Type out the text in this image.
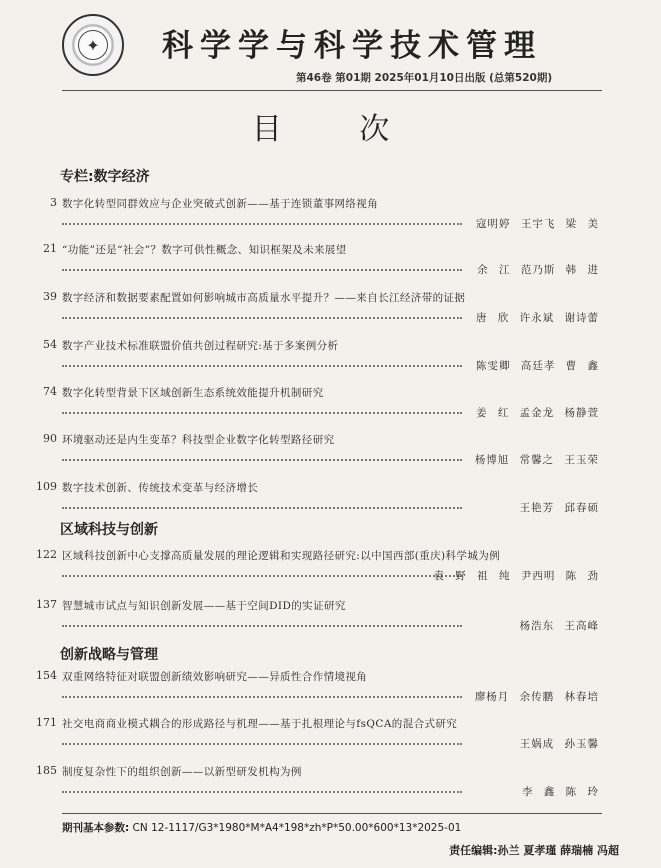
✦ 科学学与科学技术管理
第46卷 第01期 2025年01月10日出版 (总第520期)
目 次
专栏:数字经济
3 数字化转型同群效应与企业突破式创新——基于连锁董事网络视角
寇明婷 王宇飞 梁 美
21 “功能”还是“社会”？数字可供性概念、知识框架及未来展望
余 江 范乃斯 韩 进
39 数字经济和数据要素配置如何影响城市高质量水平提升？——来自长江经济带的证据
唐 欣 许永斌 谢诗蕾
54 数字产业技术标准联盟价值共创过程研究:基于多案例分析
陈雯卿 高廷孝 曹 鑫
74 数字化转型背景下区域创新生态系统效能提升机制研究
姜 红 孟金龙 杨静萱
90 环境驱动还是内生变革？科技型企业数字化转型路径研究
杨博旭 常馨之 王玉荣
109 数字技术创新、传统技术变革与经济增长
王艳芳 邱春硕
区域科技与创新
122 区域科技创新中心支撑高质量发展的理论逻辑和实现路径研究:以中国西部(重庆)科学城为例
袁 野 祖 纯 尹西明 陈 劲
137 智慧城市试点与知识创新发展——基于空间DID的实证研究
杨浩东 王高峰
创新战略与管理
154 双重网络特征对联盟创新绩效影响研究——异质性合作情境视角
廖杨月 余传鹏 林春培
171 社交电商商业模式耦合的形成路径与机理——基于扎根理论与fsQCA的混合式研究
王娲成 孙玉馨
185 制度复杂性下的组织创新——以新型研发机构为例
李 鑫 陈 玲
期刊基本参数: CN 12-1117/G3*1980*M*A4*198*zh*P*50.00*600*13*2025-01
责任编辑:孙兰 夏孝瑾 薛瑞楠 冯超
